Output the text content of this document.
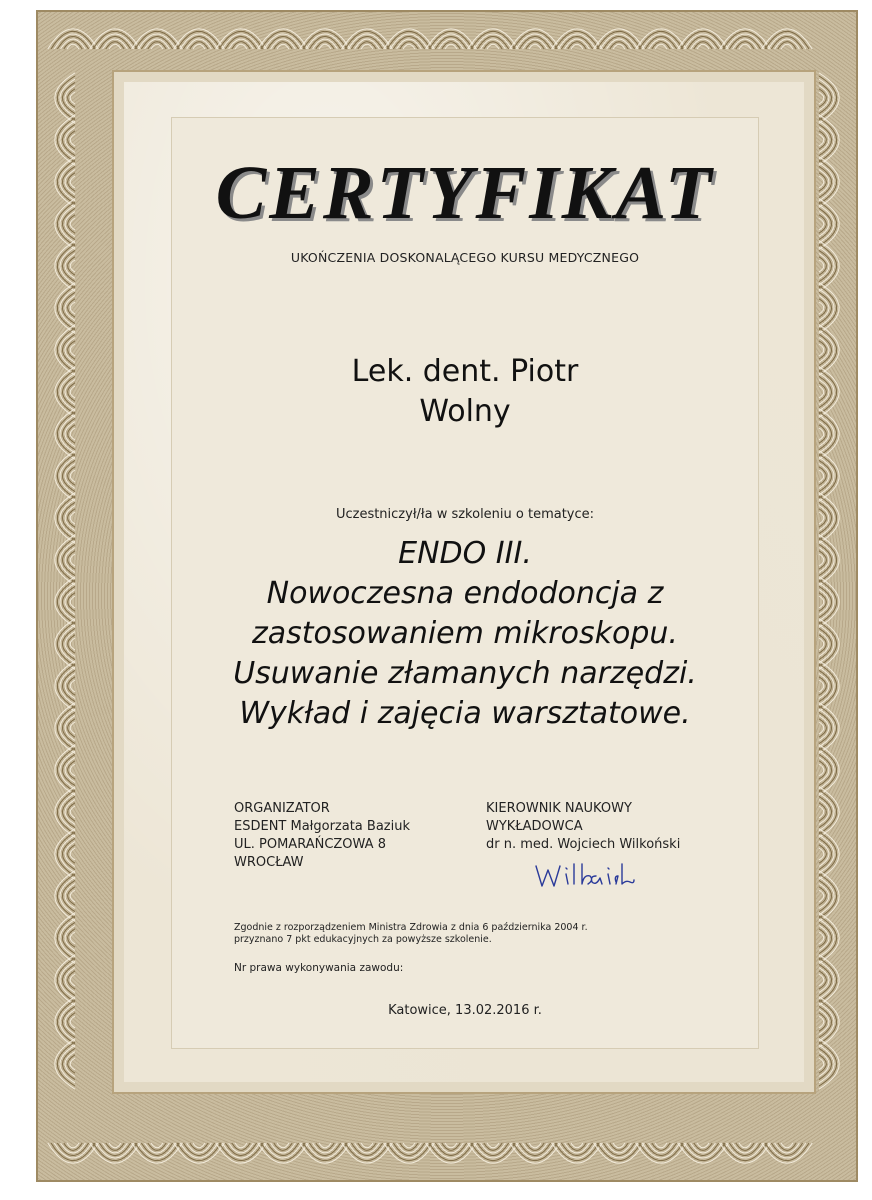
CERTYFIKAT
UKOŃCZENIA DOSKONALĄCEGO KURSU MEDYCZNEGO
Lek. dent. Piotr
Wolny
Uczestniczył/ła w szkoleniu o tematyce:
ENDO III.
Nowoczesna endodoncja z
zastosowaniem mikroskopu.
Usuwanie złamanych narzędzi.
Wykład i zajęcia warsztatowe.
ORGANIZATOR
ESDENT Małgorzata Baziuk
UL. POMARAŃCZOWA 8
WROCŁAW
KIEROWNIK NAUKOWY
WYKŁADOWCA
dr n. med. Wojciech Wilkoński
Zgodnie z rozporządzeniem Ministra Zdrowia z dnia 6 października 2004 r.
przyznano 7 pkt edukacyjnych za powyższe szkolenie.
Nr prawa wykonywania zawodu:
Katowice, 13.02.2016 r.
